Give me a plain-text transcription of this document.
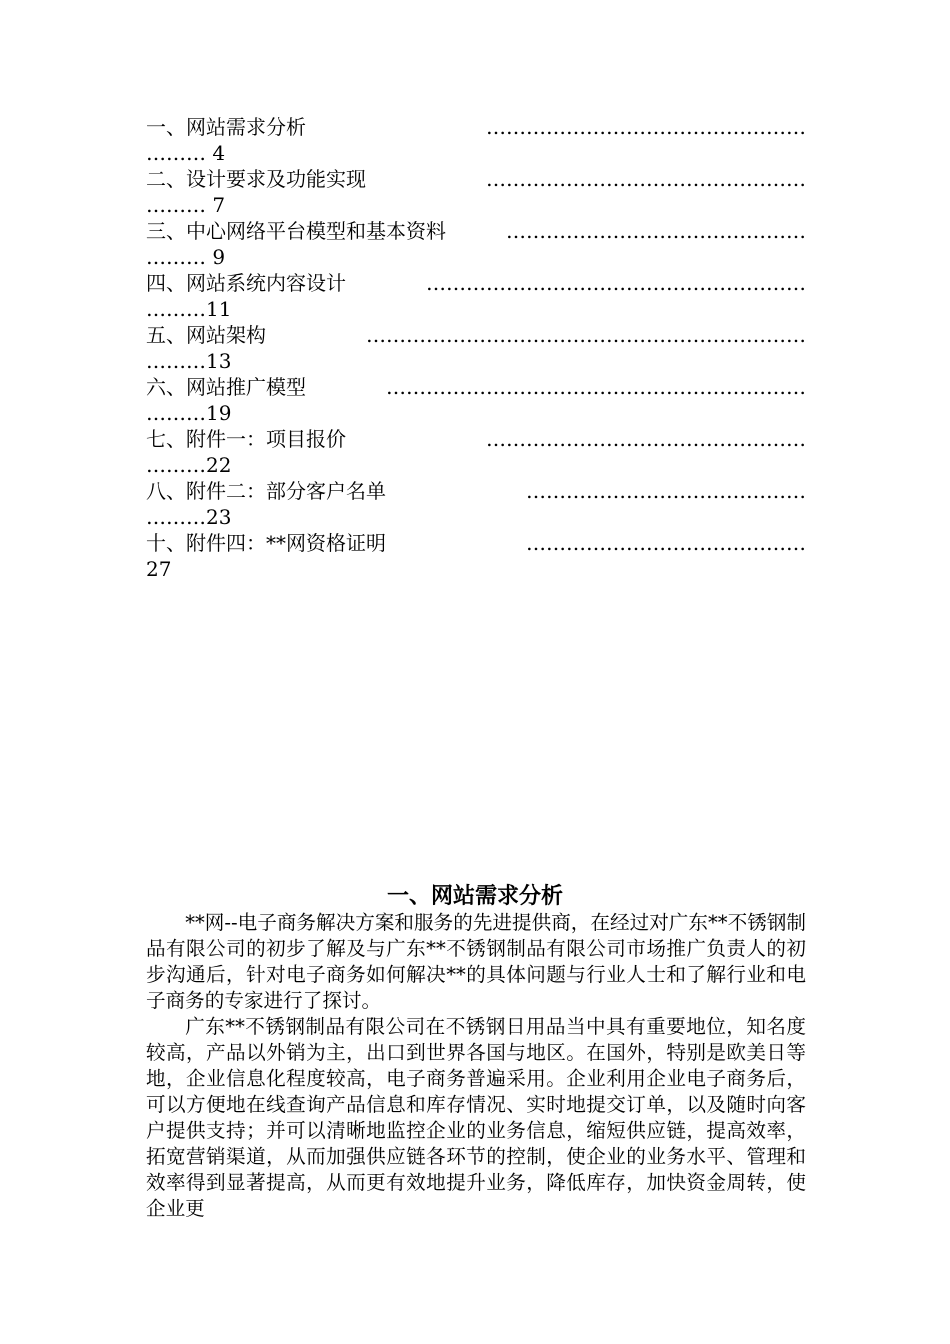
一、网站需求分析	…………………………………………
……… 4
二、设计要求及功能实现	…………………………………………
……… 7
三、中心网络平台模型和基本资料	………………………………………
……… 9
四、网站系统内容设计	…………………………………………………
………11
五、网站架构	…………………………………………………………
………13
六、网站推广模型	………………………………………………………
………19
七、附件一：项目报价	…………………………………………
………22
八、附件二：部分客户名单	……………………………………
………23
十、附件四：**网资格证明	……………………………………
27
一、网站需求分析

**网--电子商务解决方案和服务的先进提供商，在经过对广东**不锈钢制品有限公司的初步了解及与广东**不锈钢制品有限公司市场推广负责人的初步沟通后，针对电子商务如何解决**的具体问题与行业人士和了解行业和电子商务的专家进行了探讨。

广东**不锈钢制品有限公司在不锈钢日用品当中具有重要地位，知名度较高，产品以外销为主，出口到世界各国与地区。在国外，特别是欧美日等地，企业信息化程度较高，电子商务普遍采用。企业利用企业电子商务后，可以方便地在线查询产品信息和库存情况、实时地提交订单，以及随时向客户提供支持；并可以清晰地监控企业的业务信息，缩短供应链，提高效率，拓宽营销渠道，从而加强供应链各环节的控制，使企业的业务水平、管理和效率得到显著提高，从而更有效地提升业务，降低库存，加快资金周转，使企业更
